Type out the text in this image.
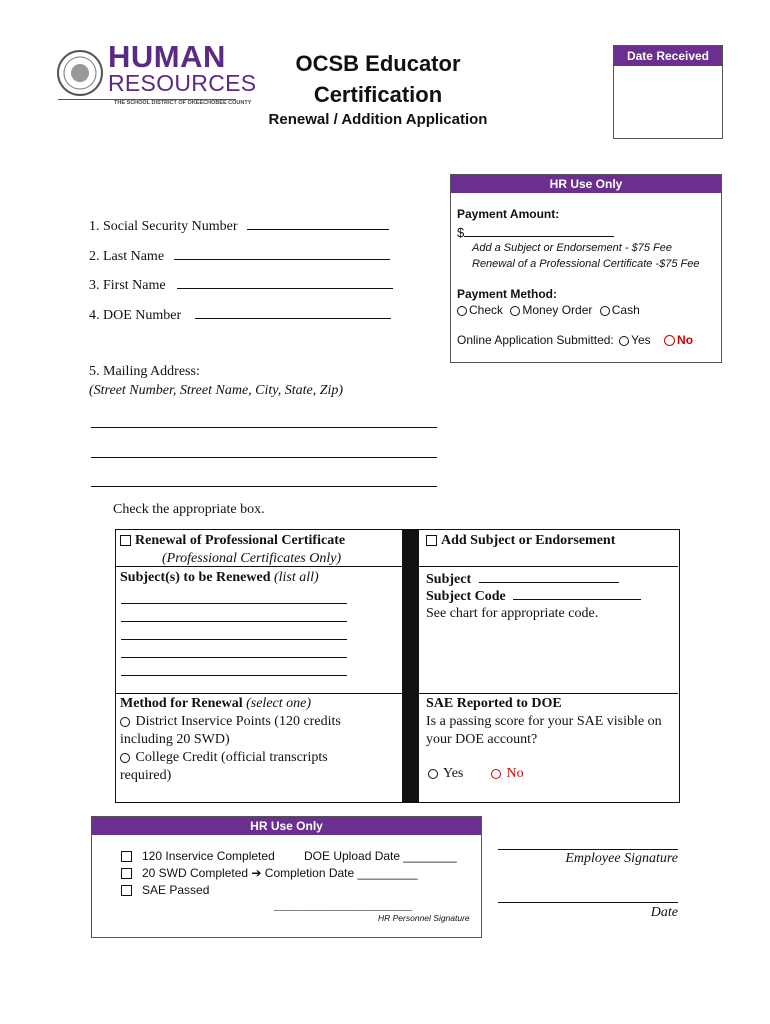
HUMAN
RESOURCES
THE SCHOOL DISTRICT OF OKEECHOBEE COUNTY
OCSB Educator
Certification
Renewal / Addition Application
Date Received
1. Social Security Number
2. Last Name
3. First Name
4. DOE Number
5. Mailing Address:
(Street Number, Street Name, City, State, Zip)
HR Use Only
Payment Amount:
$
Add a Subject or Endorsement - $75 Fee
Renewal of a Professional Certificate -$75 Fee
Payment Method:
Check Money Order Cash
Online Application Submitted: Yes No
Check the appropriate box.
Renewal of Professional Certificate
(Professional Certificates Only)
Add Subject or Endorsement
Subject(s) to be Renewed (list all)	Subject
Subject Code
See chart for appropriate code.
Method for Renewal (select one)
District Inservice Points (120 credits including 20 SWD)
College Credit (official transcripts required)
SAE Reported to DOE
Is a passing score for your SAE visible on your DOE account?
Yes	No
HR Use Only
120 Inservice Completed DOE Upload Date ________
20 SWD Completed ➔ Completion Date _________
SAE Passed
_______________________________
HR Personnel Signature
Employee Signature
Date
